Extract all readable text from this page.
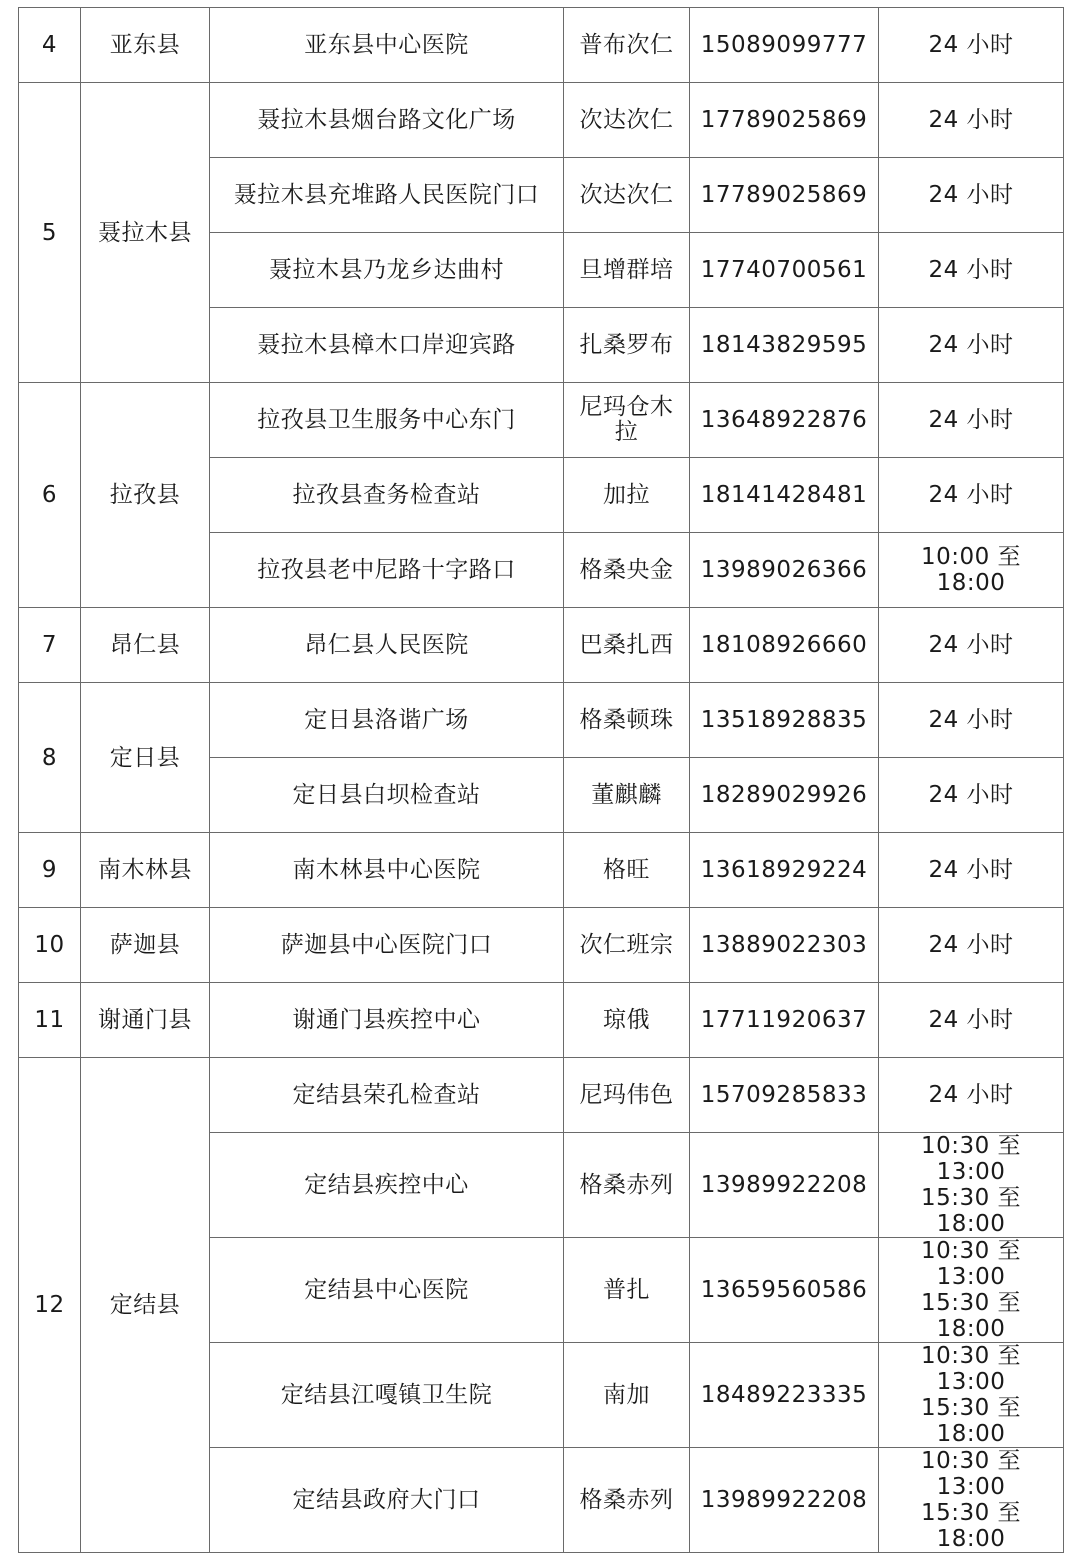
4	亚东县	亚东县中心医院	普布次仁	15089099777	24 小时

5	聂拉木县	聂拉木县烟台路文化广场	次达次仁	17789025869	24 小时

		聂拉木县充堆路人民医院门口	次达次仁	17789025869	24 小时

		聂拉木县乃龙乡达曲村	旦增群培	17740700561	24 小时

		聂拉木县樟木口岸迎宾路	扎桑罗布	18143829595	24 小时

6	拉孜县	拉孜县卫生服务中心东门	尼玛仓木拉	13648922876	24 小时

		拉孜县查务检查站	加拉	18141428481	24 小时

		拉孜县老中尼路十字路口	格桑央金	13989026366	10:00 至 18:00

7	昂仁县	昂仁县人民医院	巴桑扎西	18108926660	24 小时

8	定日县	定日县洛谐广场	格桑顿珠	13518928835	24 小时

		定日县白坝检查站	董麒麟	18289029926	24 小时

9	南木林县	南木林县中心医院	格旺	13618929224	24 小时

10	萨迦县	萨迦县中心医院门口	次仁班宗	13889022303	24 小时

11	谢通门县	谢通门县疾控中心	琼俄	17711920637	24 小时

12	定结县	定结县荣孔检查站	尼玛伟色	15709285833	24 小时

		定结县疾控中心	格桑赤列	13989922208	10:30 至 13:00
15:30 至 18:00

		定结县中心医院	普扎	13659560586	10:30 至 13:00
15:30 至 18:00

		定结县江嘎镇卫生院	南加	18489223335	10:30 至 13:00
15:30 至 18:00

		定结县政府大门口	格桑赤列	13989922208	10:30 至 13:00
15:30 至 18:00
